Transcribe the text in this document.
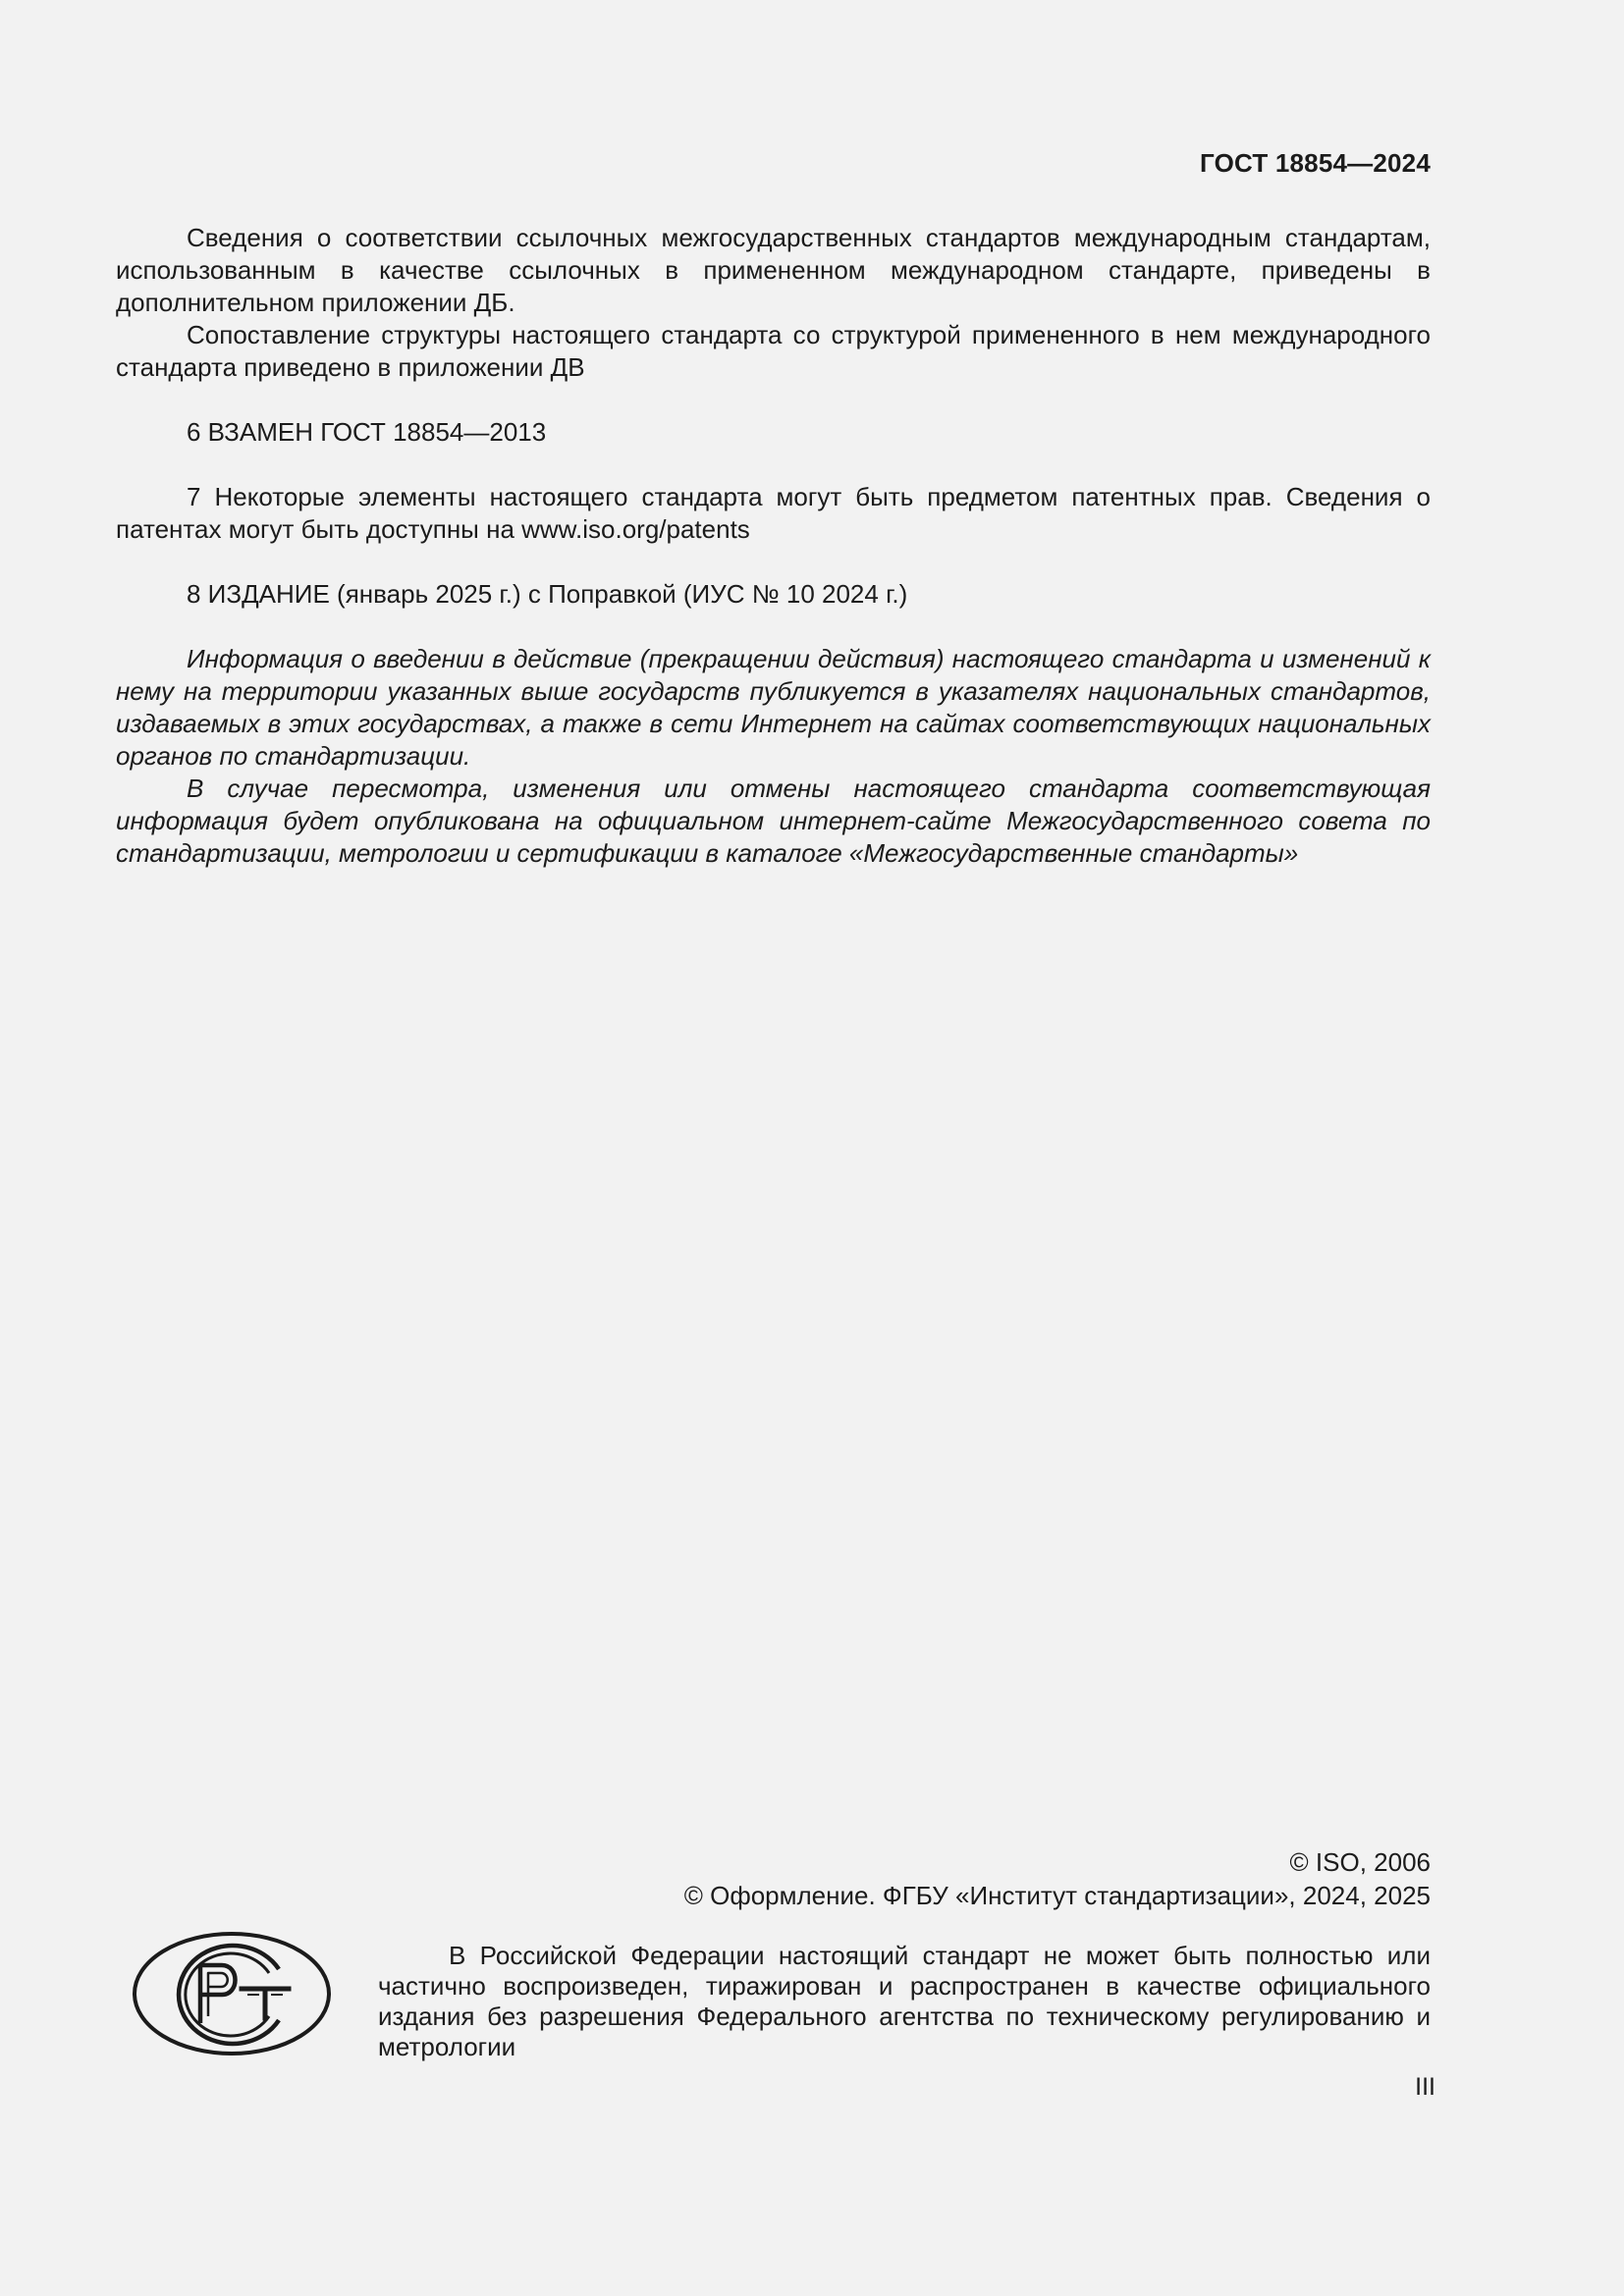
ГОСТ 18854—2024

Сведения о соответствии ссылочных межгосударственных стандартов международным стандартам, использованным в качестве ссылочных в примененном международном стандарте, приведены в дополнительном приложении ДБ.

Сопоставление структуры настоящего стандарта со структурой примененного в нем международного стандарта приведено в приложении ДВ

6 ВЗАМЕН ГОСТ 18854—2013

7 Некоторые элементы настоящего стандарта могут быть предметом патентных прав. Сведения о патентах могут быть доступны на www.iso.org/patents

8 ИЗДАНИЕ (январь 2025 г.) с Поправкой (ИУС № 10 2024 г.)

Информация о введении в действие (прекращении действия) настоящего стандарта и изменений к нему на территории указанных выше государств публикуется в указателях национальных стандартов, издаваемых в этих государствах, а также в сети Интернет на сайтах соответствующих национальных органов по стандартизации.

В случае пересмотра, изменения или отмены настоящего стандарта соответствующая информация будет опубликована на официальном интернет-сайте Межгосударственного совета по стандартизации, метрологии и сертификации в каталоге «Межгосударственные стандарты»

© ISO, 2006
© Оформление. ФГБУ «Институт стандартизации», 2024, 2025

В Российской Федерации настоящий стандарт не может быть полностью или частично воспроизведен, тиражирован и распространен в качестве официального издания без разрешения Федерального агентства по техническому регулированию и метрологии

III
